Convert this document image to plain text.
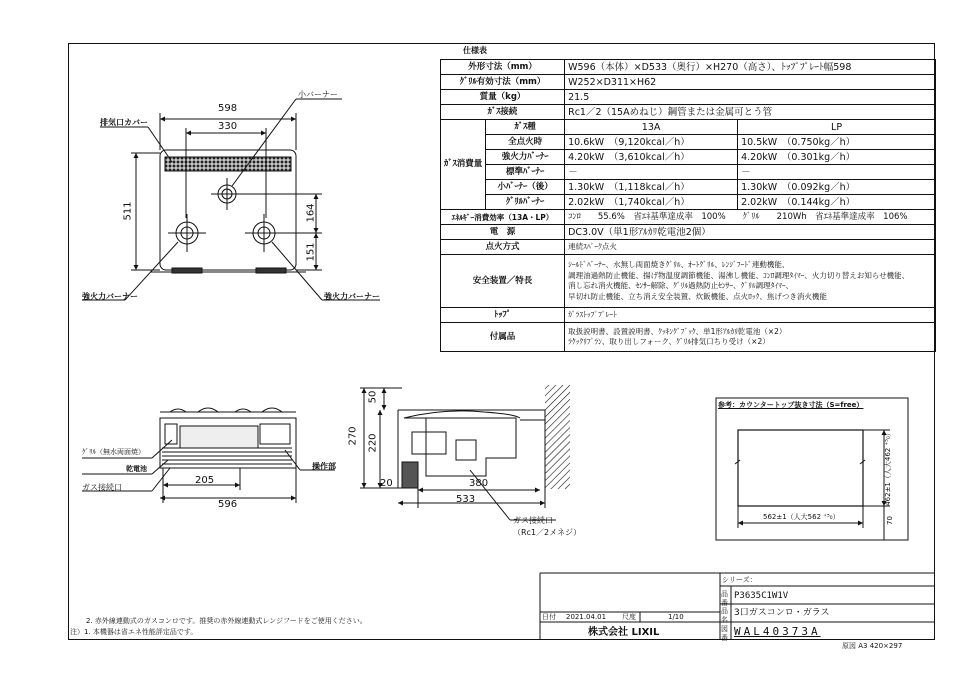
仕様表
外形寸法（mm）		W596（本体）×D533（奥行）×H270（高さ）、ﾄｯﾌﾟﾌﾟﾚｰﾄ幅598	
ｸﾞﾘﾙ有効寸法（mm）		W252×D311×H62	
質量（kg）		21.5	
ｶﾞｽ接続		Rc1／2（15Aめねじ）鋼管または金属可とう管	
ｶﾞｽ消費量	ｶﾞｽ種	13A	LP
	全点火時	10.6kW　（9,120kcal／h）	10.5kW　（0.750kg／h）
	強火力ﾊﾞｰﾅｰ	4.20kW　（3,610kcal／h）	4.20kW　（0.301kg／h）
	標準ﾊﾞｰﾅｰ	－	－
	小ﾊﾞｰﾅｰ（後）	1.30kW　（1,118kcal／h）	1.30kW　（0.092kg／h）
	ｸﾞﾘﾙﾊﾞｰﾅｰ	2.02kW　（1,740kcal／h）	2.02kW　（0.144kg／h）
ｴﾈﾙｷﾞｰ消費効率（13A・LP）		ｺﾝﾛ　　55.6%　省ｴﾈ基準達成率　100%　　ｸﾞﾘﾙ　　210Wh　省ｴﾈ基準達成率　106%	
電　源		DC3.0V（単1形ｱﾙｶﾘ乾電池2個）	
点火方式		連続ｽﾊﾟｰｸ点火	
安全装置／特長		ｼｰﾙﾄﾞﾊﾞｰﾅｰ、水無し両面焼きｸﾞﾘﾙ、ｵｰﾄｸﾞﾘﾙ、ﾚﾝｼﾞﾌｰﾄﾞ連動機能、
調理油過熱防止機能、揚げ物温度調節機能、湯沸し機能、ｺﾝﾛ調理ﾀｲﾏｰ、火力切り替えお知らせ機能、
消し忘れ消火機能、ｾﾝｻｰ解除、ｸﾞﾘﾙ過熱防止ｾﾝｻｰ、ｸﾞﾘﾙ調理ﾀｲﾏｰ、
早切れ防止機能、立ち消え安全装置、炊飯機能、点火ﾛｯｸ、焦げつき消火機能	

ﾄｯﾌﾟ		ｶﾞﾗｽﾄｯﾌﾟﾌﾟﾚｰﾄ	
付属品		取扱説明書、設置説明書、ｸｯｷﾝｸﾞﾌﾞｯｸ、単1形ｱﾙｶﾘ乾電池（×2）
ﾗｸｯｸﾘﾌﾟﾗﾝ、取り出しフォーク、ｸﾞﾘﾙ排気口ちり受け（×2）	
598
330
511	164
151
排気口カバー
小バーナー
強火力バーナー	強火力バーナー
ｸﾞﾘﾙ（無水両面焼）
乾電池
ガス接続口
操作部
205
596
50
270 220
20	380
533
ガス接続口
（Rc1／2メネジ）
参考：カウンタートップ抜き寸法（S=free）
562±1（人大562 ⁺⁵₀）
462±1（人大462 ⁺⁵₀）
70
2. 赤外線連動式のガスコンロです。推奨の赤外線連動式レンジフードをご使用ください。
注）1. 本機器は省エネ性能評定品です。
日付 2021.04.01 尺度	1/10
株式会社 LIXIL
シリーズ：
品番
P3635C1W1V
品名
3口ガスコンロ・ガラス
図番 WAL40373A
原図 A3 420×297
